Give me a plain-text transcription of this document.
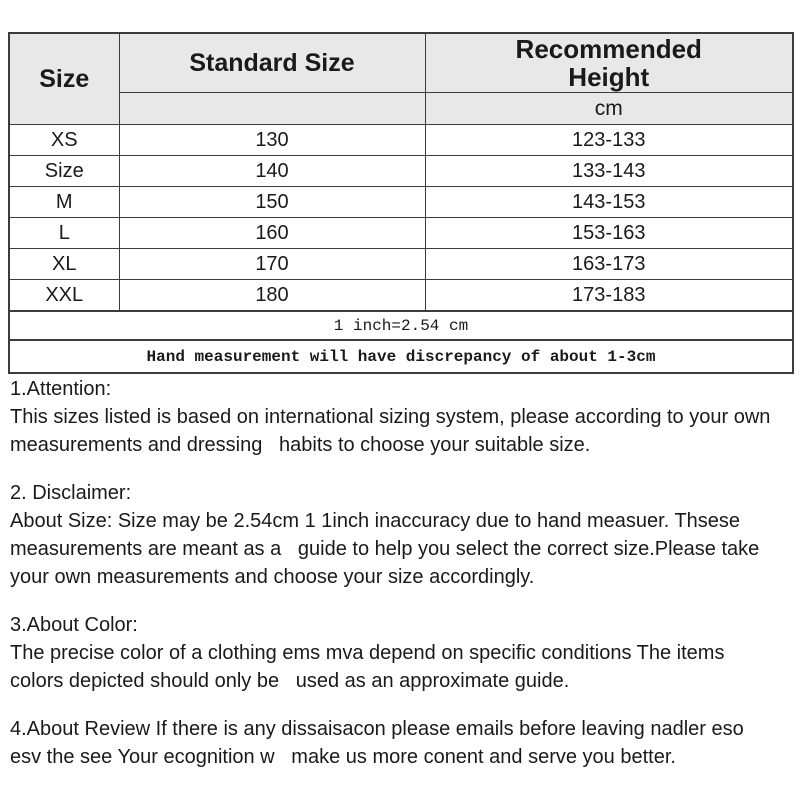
Size	Standard Size	Recommended Height

		cm
XS	130	123-133
Size	140	133-143
M	150	143-153
L	160	153-163
XL	170	163-173
XXL	180	173-183
1 inch=2.54 cm		
Hand measurement will have discrepancy of about 1-3cm		
1.Attention:
This sizes listed is based on international sizing system, please according to your own
measurements and dressing   habits to choose your suitable size.
2. Disclaimer:
About Size: Size may be 2.54cm 1 1inch inaccuracy due to hand measuer. Thsese
measurements are meant as a   guide to help you select the correct size.Please take
your own measurements and choose your size accordingly.
3.About Color:
The precise color of a clothing ems mva depend on specific conditions The items
colors depicted should only be   used as an approximate guide.
4.About Review If there is any dissaisacon please emails before leaving nadler eso
esv the see Your ecognition w   make us more conent and serve you better.
